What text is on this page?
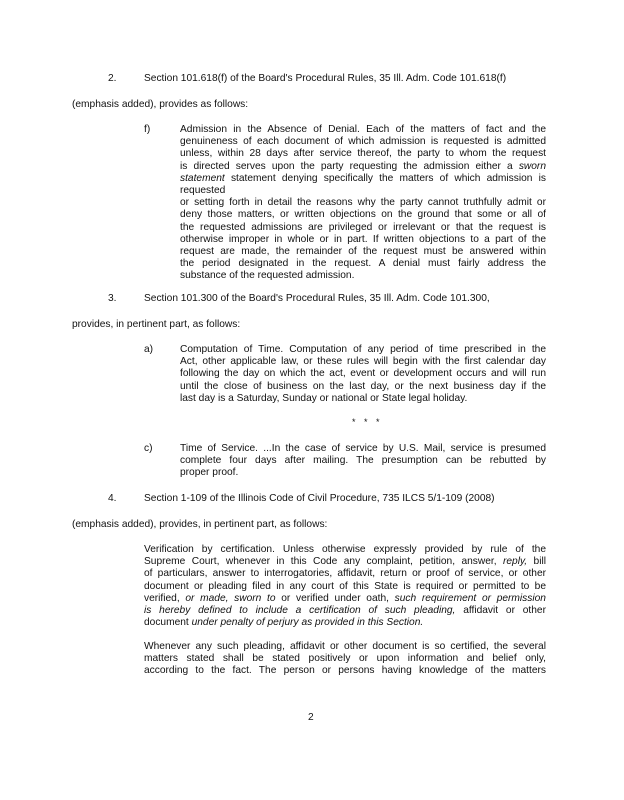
2.	Section 101.618(f) of the Board's Procedural Rules, 35 Ill. Adm. Code 101.618(f)
(emphasis added), provides as follows:
f)	Admission in the Absence of Denial. Each of the matters of fact and the
genuineness of each document of which admission is requested is admitted
unless, within 28 days after service thereof, the party to whom the request
is directed serves upon the party requesting the admission either a sworn
statement statement denying specifically the matters of which admission is requested
or setting forth in detail the reasons why the party cannot truthfully admit or
deny those matters, or written objections on the ground that some or all of
the requested admissions are privileged or irrelevant or that the request is
otherwise improper in whole or in part. If written objections to a part of the
request are made, the remainder of the request must be answered within
the period designated in the request. A denial must fairly address the
substance of the requested admission.
3.	Section 101.300 of the Board's Procedural Rules, 35 Ill. Adm. Code 101.300,
provides, in pertinent part, as follows:
a)	Computation of Time. Computation of any period of time prescribed in the
Act, other applicable law, or these rules will begin with the first calendar day
following the day on which the act, event or development occurs and will run
until the close of business on the last day, or the next business day if the
last day is a Saturday, Sunday or national or State legal holiday.
* * *
c)	Time of Service. ...In the case of service by U.S. Mail, service is presumed
complete four days after mailing. The presumption can be rebutted by
proper proof.
4.	Section 1-109 of the Illinois Code of Civil Procedure, 735 ILCS 5/1-109 (2008)
(emphasis added), provides, in pertinent part, as follows:
Verification by certification. Unless otherwise expressly provided by rule of the
Supreme Court, whenever in this Code any complaint, petition, answer, reply, bill
of particulars, answer to interrogatories, affidavit, return or proof of service, or other
document or pleading filed in any court of this State is required or permitted to be
verified, or made, sworn to or verified under oath, such requirement or permission
is hereby defined to include a certification of such pleading, affidavit or other
document under penalty of perjury as provided in this Section.
Whenever any such pleading, affidavit or other document is so certified, the several
matters stated shall be stated positively or upon information and belief only,
according to the fact. The person or persons having knowledge of the matters
2
